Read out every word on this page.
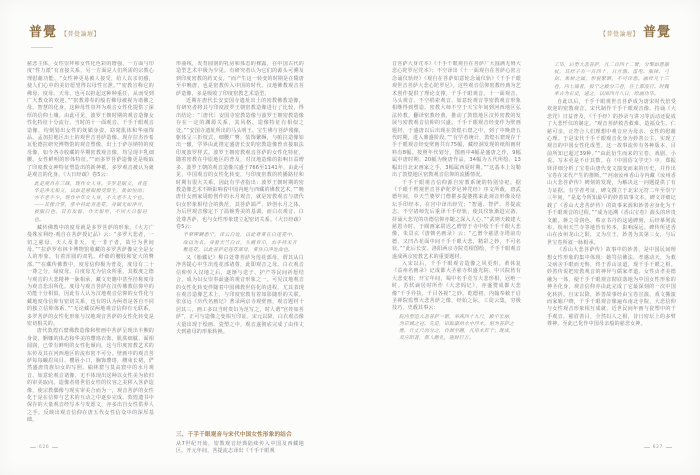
普覺 【普覺論壇】	【普覺論壇】 普覺

慈悲主体，女性崇拜和女性化色彩的增强，一方面与印度“性力派”有直接关系，另一方面是人们所需的宗教心理慰藉功能。“女性神更易被人接受，给人以亲切感，使人们心中的美好愿望得以母性宣泄。”“密教宣称它的佛母、度母、天母，也可以担起这种种重任，从而受到广大教众的欢迎。”“密教尊奉的般若佛母被视为诸佛之母、智慧的化身，这种母性崇拜为观音女性化提供了深厚的信仰土壤。由此可见，波罗王朝时期的观音造像女性化特征十分流行。当时的十一面观音、千手千眼观音造像，均刻划出女性的妩媚身姿、窈窕肌体和华丽饰品。孟加拉地区出土的观世音菩萨造像、现存拉杰沙希瓦伦德拉研究博物馆的观音塑像、出土于萨尔纳特的度母像，如今各寺收藏的早期密教观音像，均呈现丰乳细腰、女性鲜明的形体特征。”“而多罗菩萨造像更是吸取了印度教女神特征塑造出的新神祇，多罗观音被认为就是观音的化身。《大日经疏》卷5云：

此是观自在三昧，现作女人身。多罗是眼义，青莲华是净无垢义，以如是慈眼摄受群生，犹如恒雨；亦不老不少，现作中年女人身，不大老不大少也。——其像合掌，掌中持此青莲花，身圆光如净月，被服白色，首有发髻，作天髻形，不同大日髻冠也。

藏传佛教中的度母就是多罗菩萨的形象。《大方广曼殊室利经·观自在菩萨授记品》云：“多罗大悲者，一切之慈母，天人及非天，无一非子者，故号为世间母。”“拉萨罗布林卡博物馆收藏的多罗菩萨像完全是女人的形象，有着浑圆的双乳、纤细的腰肢和宽大的臀部。”“在藏传佛教中，度母信仰极为普及，度母有二十一尊之分，绿度母、白度母尤为信众所重，其救度之德与观音的大悲精神一脉相承，藏文史籍中甚至径称度母为观音悲泪所化。度母与观音菩萨在汉传佛教信仰中的功能十分相似，因此有人认为汉地观音信仰的女性化与藏地度母信仰有密切关系，也有的认为两者是各自不同的独立信仰体系。”“无论藏汉两地观音信仰有无联系，多罗菩萨的女性化形象与汉地观音菩萨的女性化转变是密切相关的。

唐代敦煌石窟佛教造像和壁画中菩萨呈现出丰腴的身姿、婀娜的体态和华美的璎珞衣饰，肌肤细腻、面相圆润，已带有鲜明的女性化倾向，这与印度密教艺术的东传及其在河西地区的流布密不可分。壁画中的观音菩萨每每蛾眉凤目、樱唇小口，胸饰璎珞，腰束长裙，俨然盛唐贵族妇女的写照。榆林窟与莫高窟中的水月观音、如意轮观音诸像，无不体现出这种以女性美为依归的审美取向。造像者将世俗女性的仪容之美移入菩萨造像，使宗教偶像与现实审美合而为一，观音菩萨的女性化于是在信仰与艺术的互动之中逐步完成。敦煌遗书中保存的大量观音经写本与发愿文，亦多出自女性供养人之手，反映出观音信仰在唐五代女性信众中的深厚基础。

形曲线，发育圆润的乳房和体态的裸露，在中国古代的造型艺术中极为少见。有研究者认为它们的源头可溯及到印度密教的药叉女，“而产生这一转变的时期是在隋唐至中晚唐，也是密教传入中国的时代，汉地佛教观音菩萨造像，多是吸收了印度密教艺术造型。

近期在唐代长安安国寺遗址出土的密教佛教造像，有研究者将其与印度波罗王朝密教造像进行了比较，得出结论：“〔唐代〕安国寺密教造像与波罗王朝密教造像存在一定的渊源关系，其风格、造像特征有相似之处。”“安国寺遗址所出的马头明王、宝生佛与菩萨残像，躯体呈三折枝式，细腰广臀，装饰繁缛，与帕拉造像如出一辙，学界由此推定盛唐长安的密教造像曾直接取法印度波罗样式。波罗王朝密教观音菩萨的女性化特征，随着密教在中原地区的普及，对汉地造像的影响日益增多。波罗王朝的观音造像兴盛于766至1141年，由此可见，中国观音的女性化转变，与印度密教的传播路径和时期有很大关系。因此有学者指出：波罗王朝时期的密教造像艺术不断影响着中国内地与西藏的佛教艺术。”“晚唐仕女画家周昉创作的水月观音，就是密教观音与唐代妇女形象相结合的典范，其菩萨端严，妙创水月之体，为后世观音像定下了温婉秀美的基调。而白衣观音、白处尊菩萨，也与女性形象建立起密切关系。《大日经疏》卷5云：

半拏啰嚩悉宁，译云白处，以此尊常在白莲花中，故以为名。身着天竺白衣，头戴青巾，右手持未开敷莲花。以此菩萨是莲花部母，常住白净处故也。

又《胎藏记》称白处尊菩萨为莲花部母，谓其从白净菩提心中生出莲花部诸尊，此即观音之母。白衣观音信仰传入汉地之后，逐渐与送子、护产等民间祈愿结合，成为妇女崇奉最盛的观音形象之一。可见汉地观音的女性化转变伴随着中国佛教世俗化的进程，尤其表现在观音造像艺术上，与印度密教有着如影随形的关联。张彦远《历代名画记》著录两京寺观壁画，观音题材十居其三，画工多以当时贵妇为范写之，时人谓“宫娃如菩萨”，正可与造像之变相互印证。宋元以降，白衣观音像大量出现于绘画、瓷塑之中，观音遂彻底完成了由伟丈夫到慈母的形象转换。

三、千手千眼观音与宋代中国女性形象的结合

从7世纪开始，密教观音经典陆续传入中国及西藏地区。开元年间，菩提流志译出《千手千眼观

音菩萨大身咒本》《千手千眼观自在菩萨广大圆满无碍大悲心陀罗尼咒本》；不空译出《十一面观自在菩萨心密言念诵仪轨经》《观自在菩萨如意轮念诵仪轨》《千手千眼观世音菩萨大悲心陀罗尼》。这些观音信仰密教经典为艺术创作提供了理论支撑，千手千眼观音、十一面观音、马头观音、不空绢索观音、如意轮观音等密教观音形象相继得到塑造。密教大师不空于天宝年间到河西地区弘法传教，翻译密教经典，推动了敦煌地区汉传密教的发展与密教观音信仰的兴盛。千手千眼观音经变作为壁画题材，于盛唐以后出现在敦煌石窟之中，到了中晚唐五代时期，进入鼎盛阶段。”“有学者统计，敦煌石窟现存千手千眼观音经变壁画共有75幅，藏经洞发现的纸绢画材料有8幅。按照年代划分，图画中4幅是盛唐之作，9幅属中唐时期，20幅为晚唐作品，34幅为五代所绘，13幅出自北宋画家之手，3幅属西夏时期。”“这基本上勾勒出了敦煌地区密教观音信仰的流播情况。

千手千眼观音信仰源自密教系统的特别崇祀。据《千眼千臂观世音菩萨陀罗尼神咒经》序文所载，唐武德年间，中天竺婆罗门僧瞿多提婆携来此观音形像及结坛手印经本，在宫中译出经咒；“智通、智俨、菩提流志、不空诸师先后重译千手经轨，使其仪轨渐趋完备，持诵大悲咒的功德信仰亦随之深入人心。”“武则天敕建大慈恩寺时，于阗画家尉迟乙僧曾于寺中绘千手千眼大悲像，朱景玄《唐朝名画录》云：“乙僧今慈恩寺塔前功德，又凹凸花面中间千手千眼大悲，精彩之妙，不可名状。”“此后长安、洛阳两京寺院竞相图绘，千手千眼观音遂成两京密教艺术的重要题材。

入宋以后，千手千眼观音造像之风更炽。黄休复《益州名画录》记成都大圣慈寺炽盛光院、中兴院皆有大悲变相；开宝年间，蜀中名手竞写大悲形相，冠绝一时。苏轼谪居时所作《大悲阁记》，亦盛赞成都大悲像“千手异执，千目各视”之妙。乾德初，内翰奉敕于启圣禅院监塑大悲菩萨之像，经始之际，工徒云集，穷极技巧，史载其事云：

院内塑造大悲菩萨一躯，举高四十九尺，殿宇宏丽，为京城之冠。先是，诏取嘉州水中浮木，刻为菩萨之像，计丈尺而分之，自颈至踵，凡用木若干；既成，灵应昭著，都人瞻礼，施财巨万。

工毕，后塑大悲菩萨，凡二百四十二臂，分擎如意器杖，其样子有一百四十，日月旗、雷电、瓶钵、弓剑、果树之属，形貌繁夥，不可详悉。画样凡十三卷，内七铺者，报宁之殿分三卷，任上都流行。时魏率古为长史，进之，以闰四月八日，绘画功毕。

自此以后，千手千眼观世音菩萨成为唐宋时代倍受欢迎的密教观音。宋代制作千手千眼观音像、持诵《大悲咒》日益普及，《千手经》的抄录与讲习等活动还促成了大悲忏仪的制定。“观音菩萨救苦救难、造福众生、仁慈可亲，正符合人们理想中观音应为母亲、女性的慰藉心理。于是宋代千手千眼观音化身为妙善公主，实现了观音的中国女性化成型。这一故事流传有各种版本，目前所知已超过39种。”“由此衍生而来的宝卷、戏剧、小说、写本更是不计其数。在《中国俗文学史》中，郑振铎详细分析了宝卷由唐代变文演变而来的历史，并作出宝卷在宋代产生的推断。”“河南汝州香山寺内藏《汝州香山大悲菩萨传》碑刻的发现，为解决这一问题提供了有力证据。有学者考证，碑文撰立于北宋元符二年至崇宁三年间，“是迄今所知最早的妙善故事文本。碑文详细记载了《香山大悲菩萨传》的故事来源和妙善舍身化为千手千眼观音的过程，”“成为追溯《香山宝卷》源头的珍贵文献。蒋之奇润色、蔡京书丹的这通碑刻，后经摹刻流布，杭州天竺寺等地皆有传本，影响深远。碑传所述香山在汝州龙山之阳，父为庄王，妙善为其第三女，与后世宝卷所叙一脉相承。

《香山大悲菩萨传》故事中的妙善，是中国民间理想女性形象的集中体现：她笃信佛法、孝感动天，为救父病舍手眼而无悔，终于香山证道，现千手千眼之相。妙善传说把密教观音的神异与儒家孝道、女性贞孝美德融为一体，使千手千眼观音彻底落地为中国女性形象的神圣化身，观音信仰亦由此完成了它最深刻的一次中国化转折。自宋以降，妙善故事经由宝卷宣演、戏文搬演而家喻户晓，千手千眼观音像遍布南北寺院，大悲信仰与女性观音形象相互成就，近世民间年画与瓷塑中的千手观音，慈眉善目，全然妇人之相，昔日密坛上的多臂尊神，至此已化作中国母亲般的慈悲女神。

626	627
